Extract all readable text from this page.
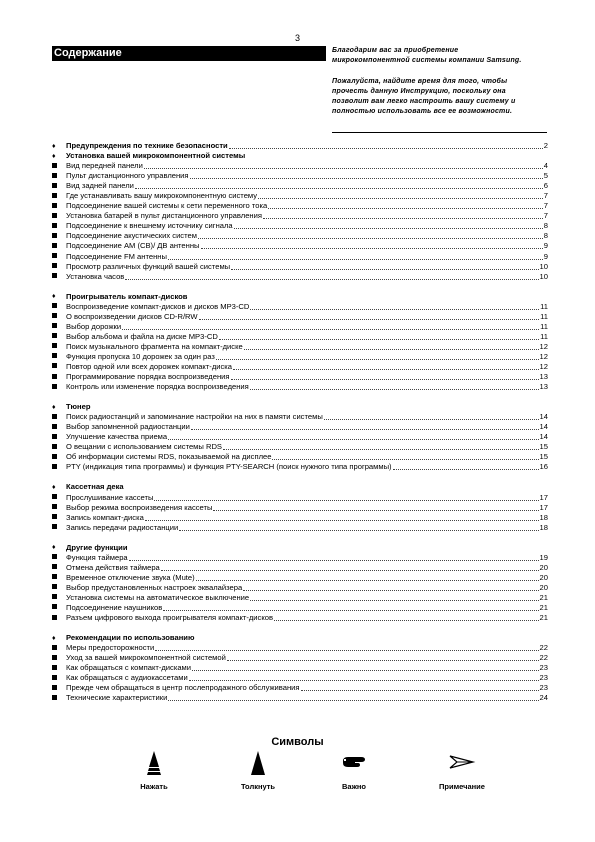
3
Содержание	Благодарим вас за приобретение микрокомпонентной системы компании Samsung.

Пожалуйста, найдите время для того, чтобы прочесть данную Инструкцию, поскольку она позволит вам легко настроить вашу систему и полностью использовать все ее возможности.

♦	Предупреждения по технике безопасности	2
♦	Установка вашей микрокомпонентной системы
Вид передней панели	4
Пульт дистанционного управления	5
Вид задней панели	6
Где устанавливать вашу микрокомпонентную систему	7
Подсоединение вашей системы к сети переменного тока	7
Установка батарей в пульт дистанционного управления	7
Подсоединение к внешнему источнику сигнала	8
Подсоединение акустических систем	8
Подсоединение AM (CB)/ ДВ антенны	9
Подсоединение FM антенны	9
Просмотр различных функций вашей системы	10
Установка часов	10
♦	Проигрыватель компакт-дисков
Воспроизведение компакт-дисков и дисков MP3-CD	11
О воспроизведении дисков CD-R/RW	11
Выбор дорожки	11
Выбор альбома и файла на диске MP3-CD	11
Поиск музыкального фрагмента на компакт-диске	12
Функция пропуска 10 дорожек за один раз	12
Повтор одной или всех дорожек компакт-диска	12
Программирование порядка воспроизведения	13
Контроль или изменение порядка воспроизведения	13
♦	Тюнер
Поиск радиостанций и запоминание настройки на них в памяти системы	14
Выбор запомненной радиостанции	14
Улучшение качества приема	14
О вещании с использованием системы RDS	15
Об информации системы RDS, показываемой на дисплее	15
PTY (индикация типа программы) и функция PTY-SEARCH (поиск нужного типа программы)	16
♦	Кассетная дека
Прослушивание кассеты	17
Выбор режима воспроизведения кассеты	17
Запись компакт-диска	18
Запись передачи радиостанции	18
♦	Другие функции
Функция таймера	19
Отмена действия таймера	20
Временное отключение звука (Mute)	20
Выбор предустановленных настроек эквалайзера	20
Установка системы на автоматическое выключение	21
Подсоединение наушников	21
Разъем цифрового выхода проигрывателя компакт-дисков	21
♦	Рекомендации по использованию
Меры предосторожности	22
Уход за вашей микрокомпонентной системой	22
Как обращаться с компакт-дисками	23
Как обращаться с аудиокассетами	23
Прежде чем обращаться в центр послепродажного обслуживания	23
Технические характеристики	24
Символы
Нажать	Толкнуть	Важно	Примечание
